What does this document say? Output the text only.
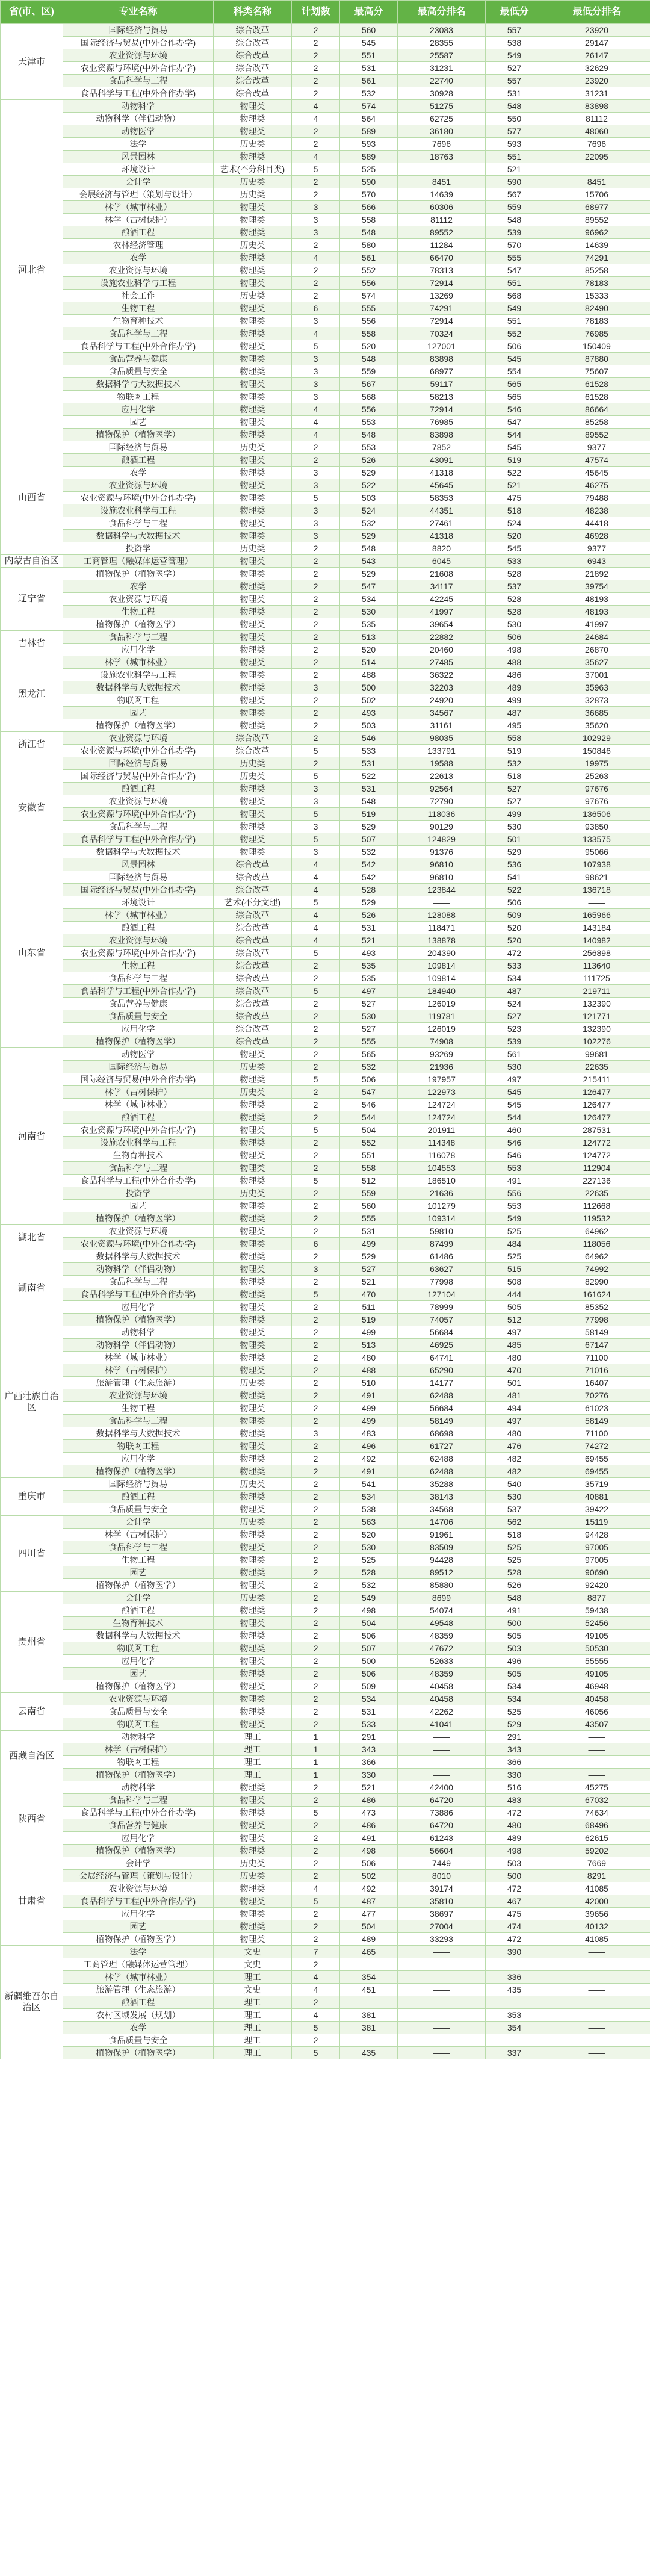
省(市、区)	专业名称	科类名称	计划数	最高分	最高分排名	最低分	最低分排名
天津市	国际经济与贸易	综合改革	2	560	23083	557	23920
	国际经济与贸易(中外合作办学)	综合改革	2	545	28355	538	29147
	农业资源与环境	综合改革	2	551	25587	549	26147
	农业资源与环境(中外合作办学)	综合改革	2	531	31231	527	32629
	食品科学与工程	综合改革	2	561	22740	557	23920
	食品科学与工程(中外合作办学)	综合改革	2	532	30928	531	31231
河北省	动物科学	物理类	4	574	51275	548	83898
	动物科学（伴侣动物）	物理类	4	564	62725	550	81112
	动物医学	物理类	2	589	36180	577	48060
	法学	历史类	2	593	7696	593	7696
	风景园林	物理类	4	589	18763	551	22095
	环境设计	艺术(不分科目类)	5	525	——	521	——
	会计学	历史类	2	590	8451	590	8451
	会展经济与管理（策划与设计）	历史类	2	570	14639	567	15706
	林学（城市林业）	物理类	3	566	60306	559	68977
	林学（古树保护）	物理类	3	558	81112	548	89552
	酿酒工程	物理类	3	548	89552	539	96962
	农林经济管理	历史类	2	580	11284	570	14639
	农学	物理类	4	561	66470	555	74291
	农业资源与环境	物理类	2	552	78313	547	85258
	设施农业科学与工程	物理类	2	556	72914	551	78183
	社会工作	历史类	2	574	13269	568	15333
	生物工程	物理类	6	555	74291	549	82490
	生物育种技术	物理类	3	556	72914	551	78183
	食品科学与工程	物理类	4	558	70324	552	76985
	食品科学与工程(中外合作办学)	物理类	5	520	127001	506	150409
	食品营养与健康	物理类	3	548	83898	545	87880
	食品质量与安全	物理类	3	559	68977	554	75607
	数据科学与大数据技术	物理类	3	567	59117	565	61528
	物联网工程	物理类	3	568	58213	565	61528
	应用化学	物理类	4	556	72914	546	86664
	园艺	物理类	4	553	76985	547	85258
	植物保护（植物医学）	物理类	4	548	83898	544	89552
山西省	国际经济与贸易	历史类	2	553	7852	545	9377
	酿酒工程	物理类	2	526	43091	519	47574
	农学	物理类	3	529	41318	522	45645
	农业资源与环境	物理类	3	522	45645	521	46275
	农业资源与环境(中外合作办学)	物理类	5	503	58353	475	79488
	设施农业科学与工程	物理类	3	524	44351	518	48238
	食品科学与工程	物理类	3	532	27461	524	44418
	数据科学与大数据技术	物理类	3	529	41318	520	46928
	投资学	历史类	2	548	8820	545	9377
内蒙古自治区	工商管理（融媒体运营管理）	物理类	2	543	6045	533	6943
辽宁省	植物保护（植物医学）	物理类	2	529	21608	528	21892
	农学	物理类	2	547	34117	537	39754
	农业资源与环境	物理类	2	534	42245	528	48193
	生物工程	物理类	2	530	41997	528	48193
	植物保护（植物医学）	物理类	2	535	39654	530	41997
吉林省	食品科学与工程	物理类	2	513	22882	506	24684
	应用化学	物理类	2	520	20460	498	26870
黑龙江	林学（城市林业）	物理类	2	514	27485	488	35627
	设施农业科学与工程	物理类	2	488	36322	486	37001
	数据科学与大数据技术	物理类	3	500	32203	489	35963
	物联网工程	物理类	2	502	24920	499	32873
	园艺	物理类	2	493	34567	487	36685
	植物保护（植物医学）	物理类	2	503	31161	495	35620
浙江省	农业资源与环境	综合改革	2	546	98035	558	102929
	农业资源与环境(中外合作办学)	综合改革	5	533	133791	519	150846
安徽省	国际经济与贸易	历史类	2	531	19588	532	19975
	国际经济与贸易(中外合作办学)	历史类	5	522	22613	518	25263
	酿酒工程	物理类	3	531	92564	527	97676
	农业资源与环境	物理类	3	548	72790	527	97676
	农业资源与环境(中外合作办学)	物理类	5	519	118036	499	136506
	食品科学与工程	物理类	3	529	90129	530	93850
	食品科学与工程(中外合作办学)	物理类	5	507	124829	501	133575
	数据科学与大数据技术	物理类	3	532	91376	529	95066
山东省	风景园林	综合改革	4	542	96810	536	107938
	国际经济与贸易	综合改革	4	542	96810	541	98621
	国际经济与贸易(中外合作办学)	综合改革	4	528	123844	522	136718
	环境设计	艺术(不分文理)	5	529	——	506	——
	林学（城市林业）	综合改革	4	526	128088	509	165966
	酿酒工程	综合改革	4	531	118471	520	143184
	农业资源与环境	综合改革	4	521	138878	520	140982
	农业资源与环境(中外合作办学)	综合改革	5	493	204390	472	256898
	生物工程	综合改革	2	535	109814	533	113640
	食品科学与工程	综合改革	2	535	109814	534	111725
	食品科学与工程(中外合作办学)	综合改革	5	497	184940	487	219711
	食品营养与健康	综合改革	2	527	126019	524	132390
	食品质量与安全	综合改革	2	530	119781	527	121771
	应用化学	综合改革	2	527	126019	523	132390
	植物保护（植物医学）	综合改革	2	555	74908	539	102276
河南省	动物医学	物理类	2	565	93269	561	99681
	国际经济与贸易	历史类	2	532	21936	530	22635
	国际经济与贸易(中外合作办学)	物理类	5	506	197957	497	215411
	林学（古树保护）	历史类	2	547	122973	545	126477
	林学（城市林业）	物理类	2	546	124724	545	126477
	酿酒工程	物理类	2	544	124724	544	126477
	农业资源与环境(中外合作办学)	物理类	5	504	201911	460	287531
	设施农业科学与工程	物理类	2	552	114348	546	124772
	生物育种技术	物理类	2	551	116078	546	124772
	食品科学与工程	物理类	2	558	104553	553	112904
	食品科学与工程(中外合作办学)	物理类	5	512	186510	491	227136
	投资学	历史类	2	559	21636	556	22635
	园艺	物理类	2	560	101279	553	112668
	植物保护（植物医学）	物理类	2	555	109314	549	119532
湖北省	农业资源与环境	物理类	2	531	59810	525	64962
	农业资源与环境(中外合作办学)	物理类	6	499	87499	484	118056
湖南省	数据科学与大数据技术	物理类	2	529	61486	525	64962
	动物科学（伴侣动物）	物理类	3	527	63627	515	74992
	食品科学与工程	物理类	2	521	77998	508	82990
	食品科学与工程(中外合作办学)	物理类	5	470	127104	444	161624
	应用化学	物理类	2	511	78999	505	85352
	植物保护（植物医学）	物理类	2	519	74057	512	77998
广西壮族自治区	动物科学	物理类	2	499	56684	497	58149
	动物科学（伴侣动物）	物理类	2	513	46925	485	67147
	林学（城市林业）	物理类	2	480	64741	480	71100
	林学（古树保护）	物理类	2	488	65290	470	71016
	旅游管理（生态旅游）	历史类	2	510	14177	501	16407
	农业资源与环境	物理类	2	491	62488	481	70276
	生物工程	物理类	2	499	56684	494	61023
	食品科学与工程	物理类	2	499	58149	497	58149
	数据科学与大数据技术	物理类	3	483	68698	480	71100
	物联网工程	物理类	2	496	61727	476	74272
	应用化学	物理类	2	492	62488	482	69455
	植物保护（植物医学）	物理类	2	491	62488	482	69455
重庆市	国际经济与贸易	历史类	2	541	35288	540	35719
	酿酒工程	物理类	2	534	38143	530	40881
	食品质量与安全	物理类	2	538	34568	537	39422
四川省	会计学	历史类	2	563	14706	562	15119
	林学（古树保护）	物理类	2	520	91961	518	94428
	食品科学与工程	物理类	2	530	83509	525	97005
	生物工程	物理类	2	525	94428	525	97005
	园艺	物理类	2	528	89512	528	90690
	植物保护（植物医学）	物理类	2	532	85880	526	92420
贵州省	会计学	历史类	2	549	8699	548	8877
	酿酒工程	物理类	2	498	54074	491	59438
	生物育种技术	物理类	2	504	49548	500	52456
	数据科学与大数据技术	物理类	2	506	48359	505	49105
	物联网工程	物理类	2	507	47672	503	50530
	应用化学	物理类	2	500	52633	496	55555
	园艺	物理类	2	506	48359	505	49105
	植物保护（植物医学）	物理类	2	509	40458	534	46948
云南省	农业资源与环境	物理类	2	534	40458	534	40458
	食品质量与安全	物理类	2	531	42262	525	46056
	物联网工程	物理类	2	533	41041	529	43507
西藏自治区	动物科学	理工	1	291	——	291	——
	林学（古树保护）	理工	1	343	——	343	——
	物联网工程	理工	1	366	——	366	——
	植物保护（植物医学）	理工	1	330	——	330	——
陕西省	动物科学	物理类	2	521	42400	516	45275
	食品科学与工程	物理类	2	486	64720	483	67032
	食品科学与工程(中外合作办学)	物理类	5	473	73886	472	74634
	食品营养与健康	物理类	2	486	64720	480	68496
	应用化学	物理类	2	491	61243	489	62615
	植物保护（植物医学）	物理类	2	498	56604	498	59202
甘肃省	会计学	历史类	2	506	7449	503	7669
	会展经济与管理（策划与设计）	历史类	2	502	8010	500	8291
	农业资源与环境	物理类	4	492	39174	472	41085
	食品科学与工程(中外合作办学)	物理类	5	487	35810	467	42000
	应用化学	物理类	2	477	38697	475	39656
	园艺	物理类	2	504	27004	474	40132
	植物保护（植物医学）	物理类	2	489	33293	472	41085
新疆维吾尔自治区	法学	文史	7	465	——	390	——
	工商管理（融媒体运营管理）	文史	2				
	林学（城市林业）	理工	4	354	——	336	——
	旅游管理（生态旅游）	文史	4	451	——	435	——
	酿酒工程	理工	2				
	农村区域发展（规划）	理工	4	381	——	353	——
	农学	理工	5	381	——	354	——
	食品质量与安全	理工	2				
	植物保护（植物医学）	理工	5	435	——	337	——
